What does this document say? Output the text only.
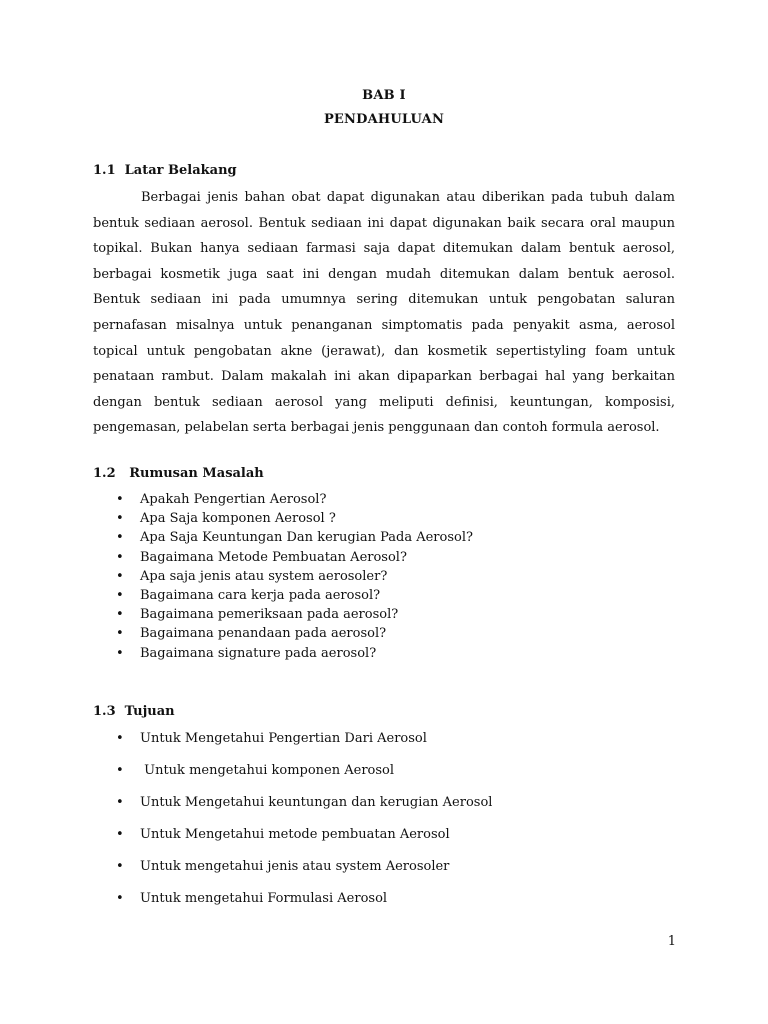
BAB I
PENDAHULUAN
1.1  Latar Belakang

Berbagai jenis bahan obat dapat digunakan atau diberikan pada tubuh dalam bentuk sediaan aerosol. Bentuk sediaan ini dapat digunakan baik secara oral maupun topikal. Bukan hanya sediaan farmasi saja dapat ditemukan dalam bentuk aerosol, berbagai kosmetik juga saat ini dengan mudah ditemukan dalam bentuk aerosol. Bentuk sediaan ini pada umumnya sering ditemukan untuk pengobatan saluran pernafasan misalnya untuk penanganan simptomatis pada penyakit asma, aerosol topical untuk pengobatan akne (jerawat), dan kosmetik sepertistyling foam untuk penataan rambut. Dalam makalah ini akan dipaparkan berbagai hal yang berkaitan dengan bentuk sediaan aerosol yang meliputi definisi, keuntungan, komposisi, pengemasan, pelabelan serta berbagai jenis penggunaan dan contoh formula aerosol.

1.2   Rumusan Masalah
• Apakah Pengertian Aerosol?
• Apa Saja komponen Aerosol ?
• Apa Saja Keuntungan Dan kerugian Pada Aerosol?
• Bagaimana Metode Pembuatan Aerosol?
• Apa saja jenis atau system aerosoler?
• Bagaimana cara kerja pada aerosol?
• Bagaimana pemeriksaan pada aerosol?
• Bagaimana penandaan pada aerosol?
• Bagaimana signature pada aerosol?
1.3  Tujuan
• Untuk Mengetahui Pengertian Dari Aerosol
• Untuk mengetahui komponen Aerosol
• Untuk Mengetahui keuntungan dan kerugian Aerosol
• Untuk Mengetahui metode pembuatan Aerosol
• Untuk mengetahui jenis atau system Aerosoler
• Untuk mengetahui Formulasi Aerosol
1
